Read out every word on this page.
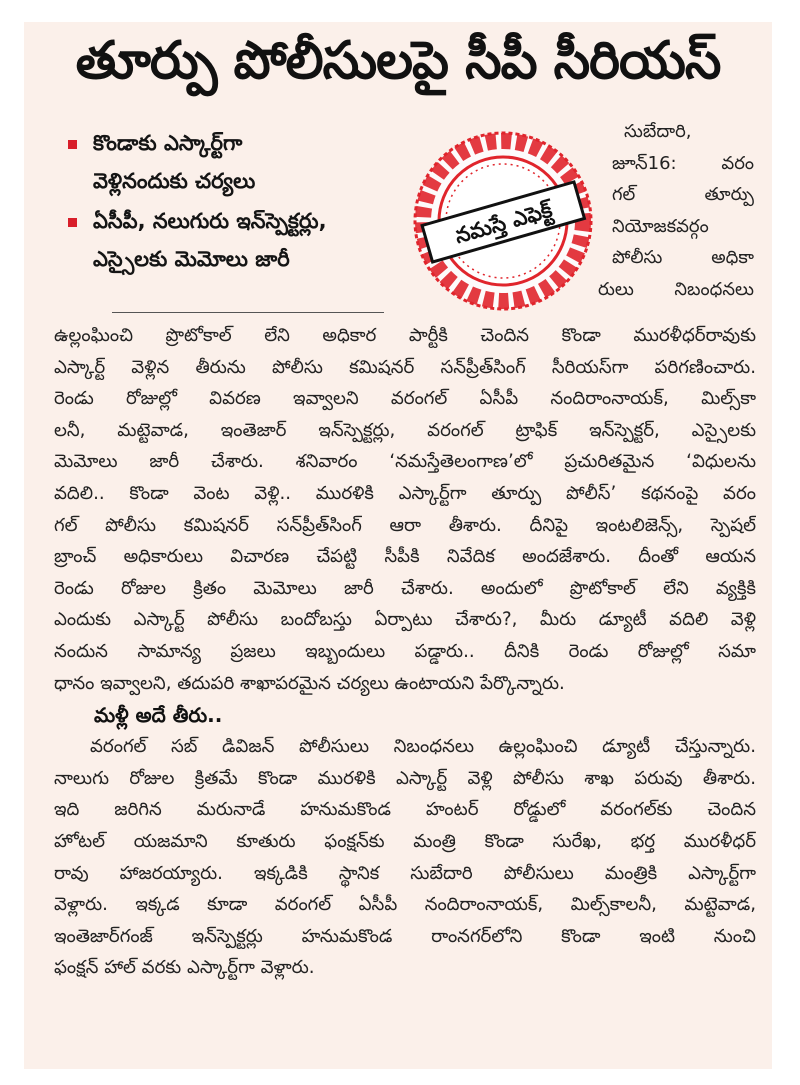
తూర్పు పోలీసులపై సీపీ సీరియస్
కొండాకు ఎస్కార్ట్‌గా
వెళ్లినందుకు చర్యలు
ఏసీపీ, నలుగురు ఇన్‌స్పెక్టర్లు,
ఎస్సైలకు మెమోలు జారీ
నమస్తే ఎఫెక్ట్
సుబేదారి,
జూన్‌16: వరం
గల్ తూర్పు
నియోజకవర్గం
పోలీసు అధికా
రులు నిబంధనలు
ఉల్లంఘించి ప్రొటోకాల్ లేని అధికార పార్టీకి చెందిన కొండా మురళీధర్‌రావుకు
ఎస్కార్ట్ వెళ్లిన తీరును పోలీసు కమిషనర్ సన్‌ప్రీత్‌సింగ్ సీరియస్‌గా పరిగణించారు.
రెండు రోజుల్లో వివరణ ఇవ్వాలని వరంగల్ ఏసీపీ నందిరాంనాయక్, మిల్స్‌కా
లనీ, మట్టెవాడ, ఇంతెజార్ ఇన్‌స్పెక్టర్లు, వరంగల్ ట్రాఫిక్ ఇన్‌స్పెక్టర్, ఎస్సైలకు
మెమోలు జారీ చేశారు. శనివారం ‘నమస్తేతెలంగాణ’లో ప్రచురితమైన ‘విధులను
వదిలి.. కొండా వెంట వెళ్లి.. మురళికి ఎస్కార్ట్‌గా తూర్పు పోలీస్’ కథనంపై వరం
గల్ పోలీసు కమిషనర్ సన్‌ప్రీత్‌సింగ్ ఆరా తీశారు. దీనిపై ఇంటలిజెన్స్, స్పెషల్
బ్రాంచ్ అధికారులు విచారణ చేపట్టి సీపీకి నివేదిక అందజేశారు. దీంతో ఆయన
రెండు రోజుల క్రితం మెమోలు జారీ చేశారు. అందులో ప్రొటోకాల్ లేని వ్యక్తికి
ఎందుకు ఎస్కార్ట్ పోలీసు బందోబస్తు ఏర్పాటు చేశారు?, మీరు డ్యూటీ వదిలి వెళ్లి
నందున సామాన్య ప్రజలు ఇబ్బందులు పడ్డారు.. దీనికి రెండు రోజుల్లో సమా
ధానం ఇవ్వాలని, తదుపరి శాఖాపరమైన చర్యలు ఉంటాయని పేర్కొన్నారు.
మళ్లీ అదే తీరు..
వరంగల్ సబ్ డివిజన్ పోలీసులు నిబంధనలు ఉల్లంఘించి డ్యూటీ చేస్తున్నారు.
నాలుగు రోజుల క్రితమే కొండా మురళికి ఎస్కార్ట్ వెళ్లి పోలీసు శాఖ పరువు తీశారు.
ఇది జరిగిన మరునాడే హనుమకొండ హంటర్ రోడ్డులో వరంగల్‌కు చెందిన
హోటల్ యజమాని కూతురు ఫంక్షన్‌కు మంత్రి కొండా సురేఖ, భర్త మురళీధర్
రావు హాజరయ్యారు. ఇక్కడికి స్థానిక సుబేదారి పోలీసులు మంత్రికి ఎస్కార్ట్‌గా
వెళ్లారు. ఇక్కడ కూడా వరంగల్ ఏసీపీ నందిరాంనాయక్, మిల్స్‌కాలనీ, మట్టెవాడ,
ఇంతెజార్‌గంజ్ ఇన్‌స్పెక్టర్లు హనుమకొండ రాంనగర్‌లోని కొండా ఇంటి నుంచి
ఫంక్షన్ హాల్ వరకు ఎస్కార్ట్‌గా వెళ్లారు.
